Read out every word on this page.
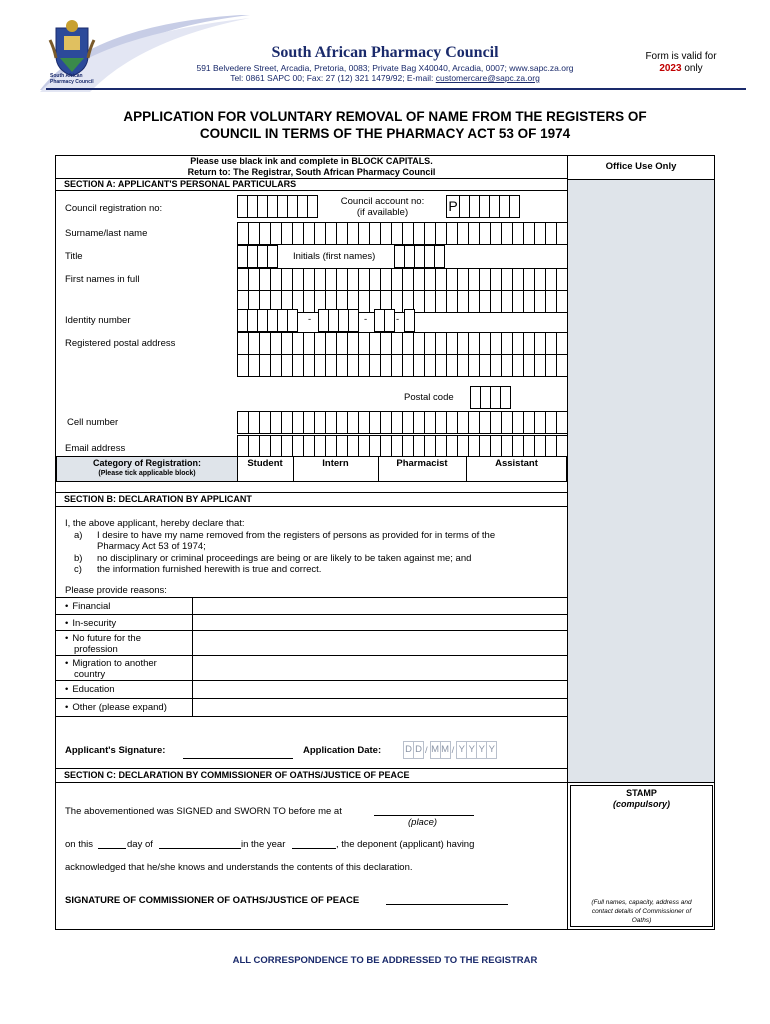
South African
Pharmacy Council
South African Pharmacy Council
591 Belvedere Street, Arcadia, Pretoria, 0083; Private Bag X40040, Arcadia, 0007; www.sapc.za.org
Tel: 0861 SAPC 00; Fax: 27 (12) 321 1479/92; E-mail: customercare@sapc.za.org
Form is valid for
2023 only
APPLICATION FOR VOLUNTARY REMOVAL OF NAME FROM THE REGISTERS OF
COUNCIL IN TERMS OF THE PHARMACY ACT 53 OF 1974
Office Use Only
Please use black ink and complete in BLOCK CAPITALS.
Return to: The Registrar, South African Pharmacy Council
SECTION A: APPLICANT'S PERSONAL PARTICULARS
Council registration no:
Council account no:
(if available)	P
Surname/last name
Title	Initials (first names)
First names in full
Identity number	-	-	-
Registered postal address
Postal code
Cell number
Email address
Category of Registration:
(Please tick applicable block)
Student	Intern	Pharmacist	Assistant
SECTION B: DECLARATION BY APPLICANT
I, the above applicant, hereby declare that:
a) I desire to have my name removed from the registers of persons as provided for in terms of the
Pharmacy Act 53 of 1974;
b) no disciplinary or criminal proceedings are being or are likely to be taken against me; and
c) the information furnished herewith is true and correct.
Please provide reasons:
• Financial
• In-security
• No future for the
profession
• Migration to another
country
• Education
• Other (please expand)
Applicant's Signature:	Application Date:	D D / M M / Y Y Y Y
SECTION C: DECLARATION BY COMMISSIONER OF OATHS/JUSTICE OF PEACE
STAMP
(compulsory)
(Full names, capacity, address and
contact details of Commissioner of
Oaths)
The abovementioned was SIGNED and SWORN TO before me at
(place)
on this	day of	in the year	, the deponent (applicant) having
acknowledged that he/she knows and understands the contents of this declaration.
SIGNATURE OF COMMISSIONER OF OATHS/JUSTICE OF PEACE
ALL CORRESPONDENCE TO BE ADDRESSED TO THE REGISTRAR
